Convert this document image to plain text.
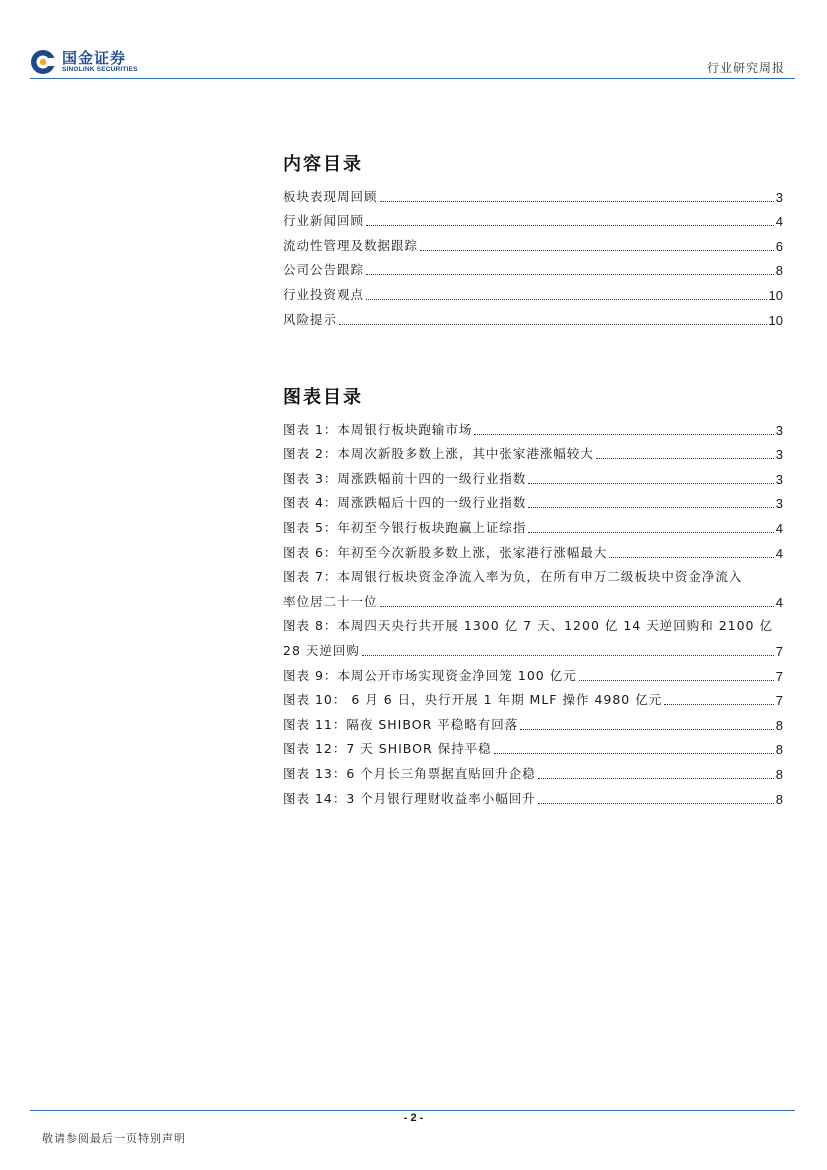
国金证券
SINOLINK SECURITIES	行业研究周报
内容目录
板块表现周回顾	3
行业新闻回顾	4
流动性管理及数据跟踪	6
公司公告跟踪	8
行业投资观点	10
风险提示	10
图表目录
图表 1：本周银行板块跑输市场	3
图表 2：本周次新股多数上涨，其中张家港涨幅较大	3
图表 3：周涨跌幅前十四的一级行业指数	3
图表 4：周涨跌幅后十四的一级行业指数	3
图表 5：年初至今银行板块跑赢上证综指	4
图表 6：年初至今次新股多数上涨，张家港行涨幅最大	4
图表 7：本周银行板块资金净流入率为负，在所有申万二级板块中资金净流入
率位居二十一位	4
图表 8：本周四天央行共开展 1300 亿 7 天、1200 亿 14 天逆回购和 2100 亿
28 天逆回购	7
图表 9：本周公开市场实现资金净回笼 100 亿元	7
图表 10： 6 月 6 日，央行开展 1 年期 MLF 操作 4980 亿元	7
图表 11：隔夜 SHIBOR 平稳略有回落	8
图表 12：7 天 SHIBOR 保持平稳	8
图表 13：6 个月长三角票据直贴回升企稳	8
图表 14：3 个月银行理财收益率小幅回升	8
- 2 -
敬请参阅最后一页特别声明
